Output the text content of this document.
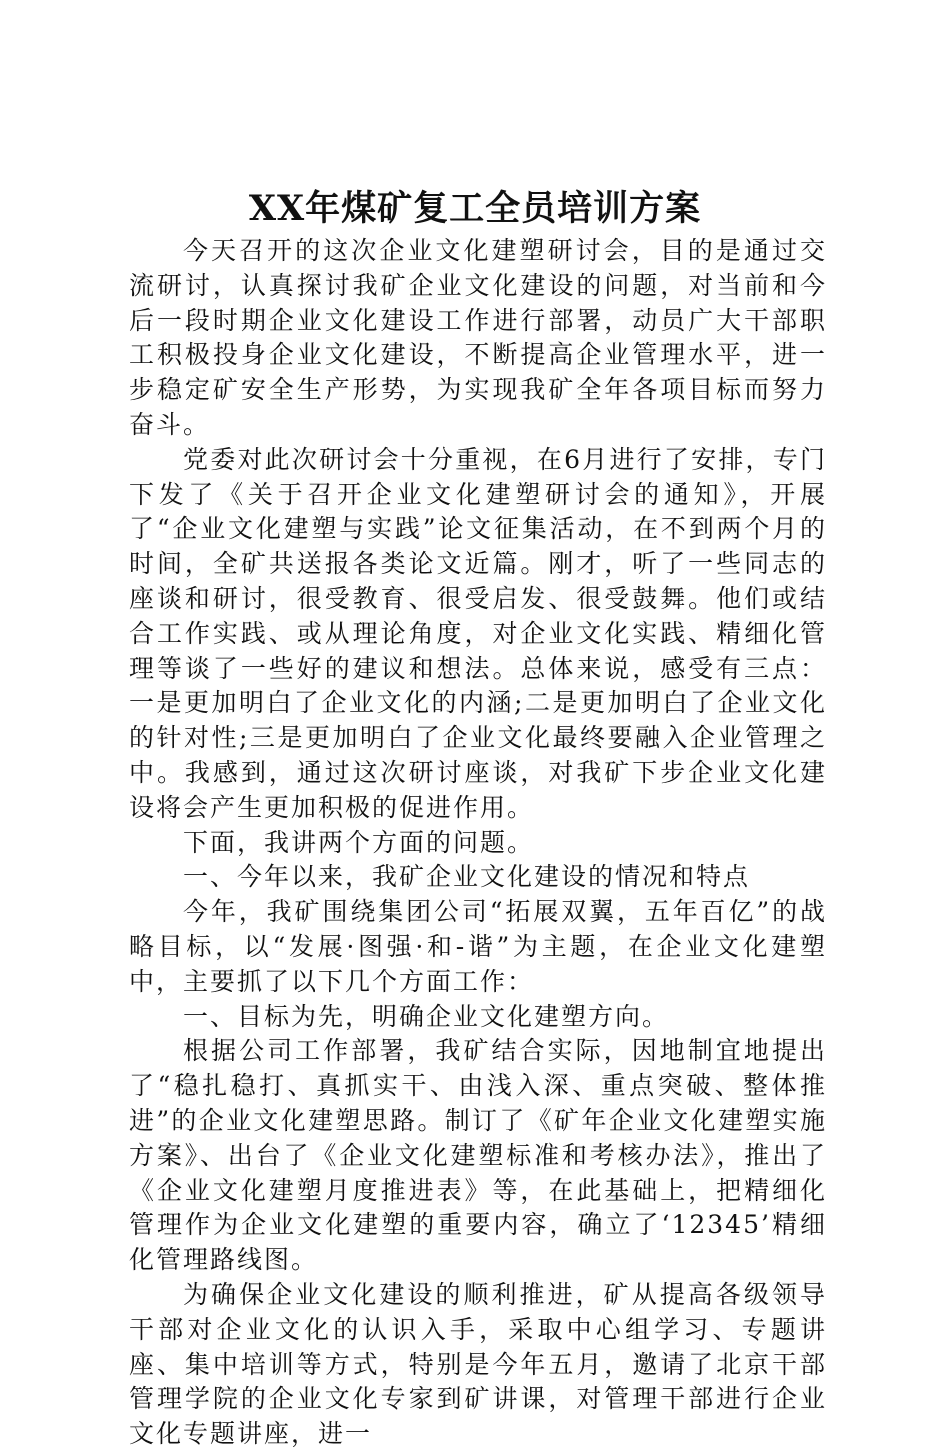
XX年煤矿复工全员培训方案

今天召开的这次企业文化建塑研讨会，目的是通过交流研讨，认真探讨我矿企业文化建设的问题，对当前和今后一段时期企业文化建设工作进行部署，动员广大干部职工积极投身企业文化建设，不断提高企业管理水平，进一步稳定矿安全生产形势，为实现我矿全年各项目标而努力奋斗。

党委对此次研讨会十分重视，在6月进行了安排，专门下发了《关于召开企业文化建塑研讨会的通知》，开展了“企业文化建塑与实践”论文征集活动，在不到两个月的时间，全矿共送报各类论文近篇。刚才，听了一些同志的座谈和研讨，很受教育、很受启发、很受鼓舞。他们或结合工作实践、或从理论角度，对企业文化实践、精细化管理等谈了一些好的建议和想法。总体来说，感受有三点：一是更加明白了企业文化的内涵;二是更加明白了企业文化的针对性;三是更加明白了企业文化最终要融入企业管理之中。我感到，通过这次研讨座谈，对我矿下步企业文化建设将会产生更加积极的促进作用。

下面，我讲两个方面的问题。

一、今年以来，我矿企业文化建设的情况和特点

今年，我矿围绕集团公司“拓展双翼，五年百亿”的战略目标，以“发展·图强·和-谐”为主题，在企业文化建塑中，主要抓了以下几个方面工作：

一、目标为先，明确企业文化建塑方向。

根据公司工作部署，我矿结合实际，因地制宜地提出了“稳扎稳打、真抓实干、由浅入深、重点突破、整体推进”的企业文化建塑思路。制订了《矿年企业文化建塑实施方案》、出台了《企业文化建塑标准和考核办法》，推出了《企业文化建塑月度推进表》等，在此基础上，把精细化管理作为企业文化建塑的重要内容，确立了‘12345’精细化管理路线图。

为确保企业文化建设的顺利推进，矿从提高各级领导干部对企业文化的认识入手，采取中心组学习、专题讲座、集中培训等方式，特别是今年五月，邀请了北京干部管理学院的企业文化专家到矿讲课，对管理干部进行企业文化专题讲座，进一
